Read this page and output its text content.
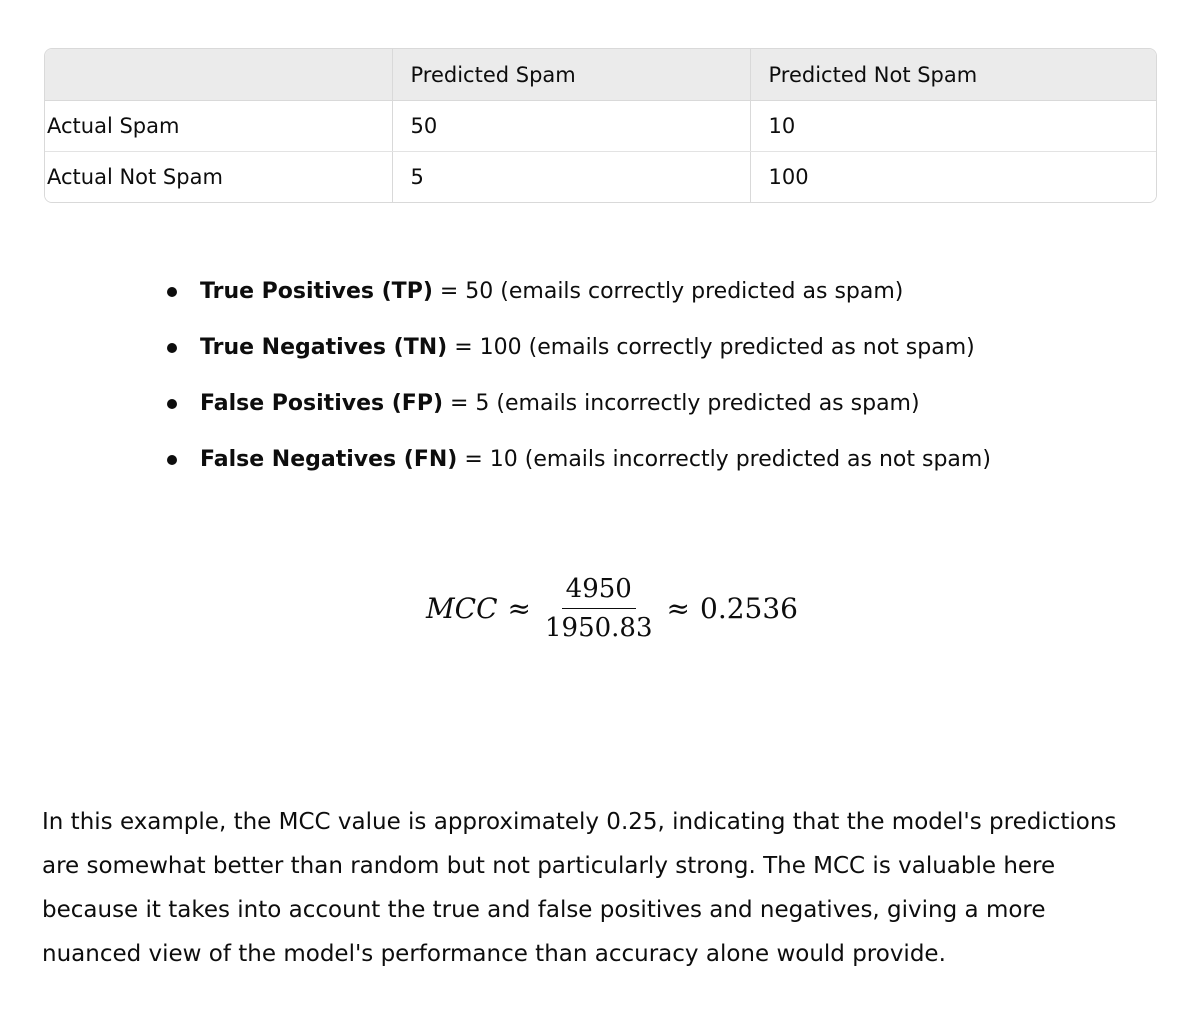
	Predicted Spam	Predicted Not Spam
Actual Spam	50	10
Actual Not Spam	5	100
True Positives (TP) = 50 (emails correctly predicted as spam)
True Negatives (TN) = 100 (emails correctly predicted as not spam)
False Positives (FP) = 5 (emails incorrectly predicted as spam)
False Negatives (FN) = 10 (emails incorrectly predicted as not spam)
MCC ≈ $\frac{4950}{1950.83} \approx 0.2536$

In this example, the MCC value is approximately 0.25, indicating that the model's predictions are somewhat better than random but not particularly strong. The MCC is valuable here because it takes into account the true and false positives and negatives, giving a more nuanced view of the model's performance than accuracy alone would provide.
